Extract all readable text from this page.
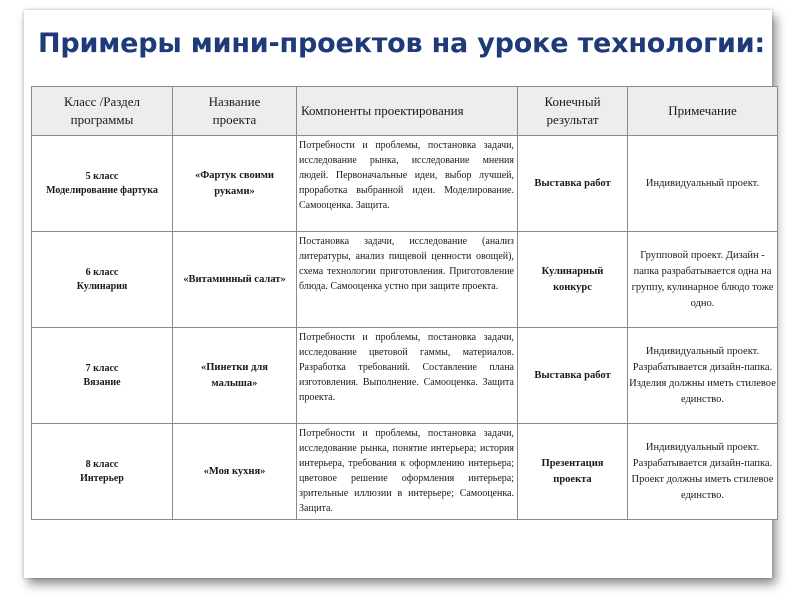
Примеры мини-проектов на уроке технологии:
Класс /Раздел
программы	Название
проекта	Компоненты проектирования	Конечный
результат	Примечание

5 класс
Моделирование фартука	«Фартук своими
руками»	Потребности и проблемы, постановка задачи, исследование рынка, исследование мнения людей. Первоначальные идеи, выбор лучшей, проработка выбранной идеи. Моделирование. Самооценка. Защита.	Выставка работ	Индивидуальный проект.

6 класс
Кулинария	«Витаминный салат»	Постановка задачи, исследование (анализ литературы, анализ пищевой ценности овощей), схема технологии приготовления. Приготовление блюда. Самооценка устно при защите проекта.	Кулинарный
конкурс	Групповой проект. Дизайн - папка разрабатывается одна на группу, кулинарное блюдо тоже одно.

7 класс
Вязание	«Пинетки для
малыша»	Потребности и проблемы, постановка задачи, исследование цветовой гаммы, материалов. Разработка требований. Составление плана изготовления. Выполнение. Самооценка. Защита проекта.	Выставка работ	Индивидуальный проект. Разрабатывается дизайн-папка. Изделия должны иметь стилевое единство.

8 класс
Интерьер	«Моя кухня»	Потребности и проблемы, постановка задачи, исследование рынка, понятие интерьера; история интерьера, требования к оформлению интерьера; цветовое решение оформления интерьера; зрительные иллюзии в интерьере; Самооценка. Защита.	Презентация
проекта	Индивидуальный проект. Разрабатывается дизайн-папка. Проект должны иметь стилевое единство.
